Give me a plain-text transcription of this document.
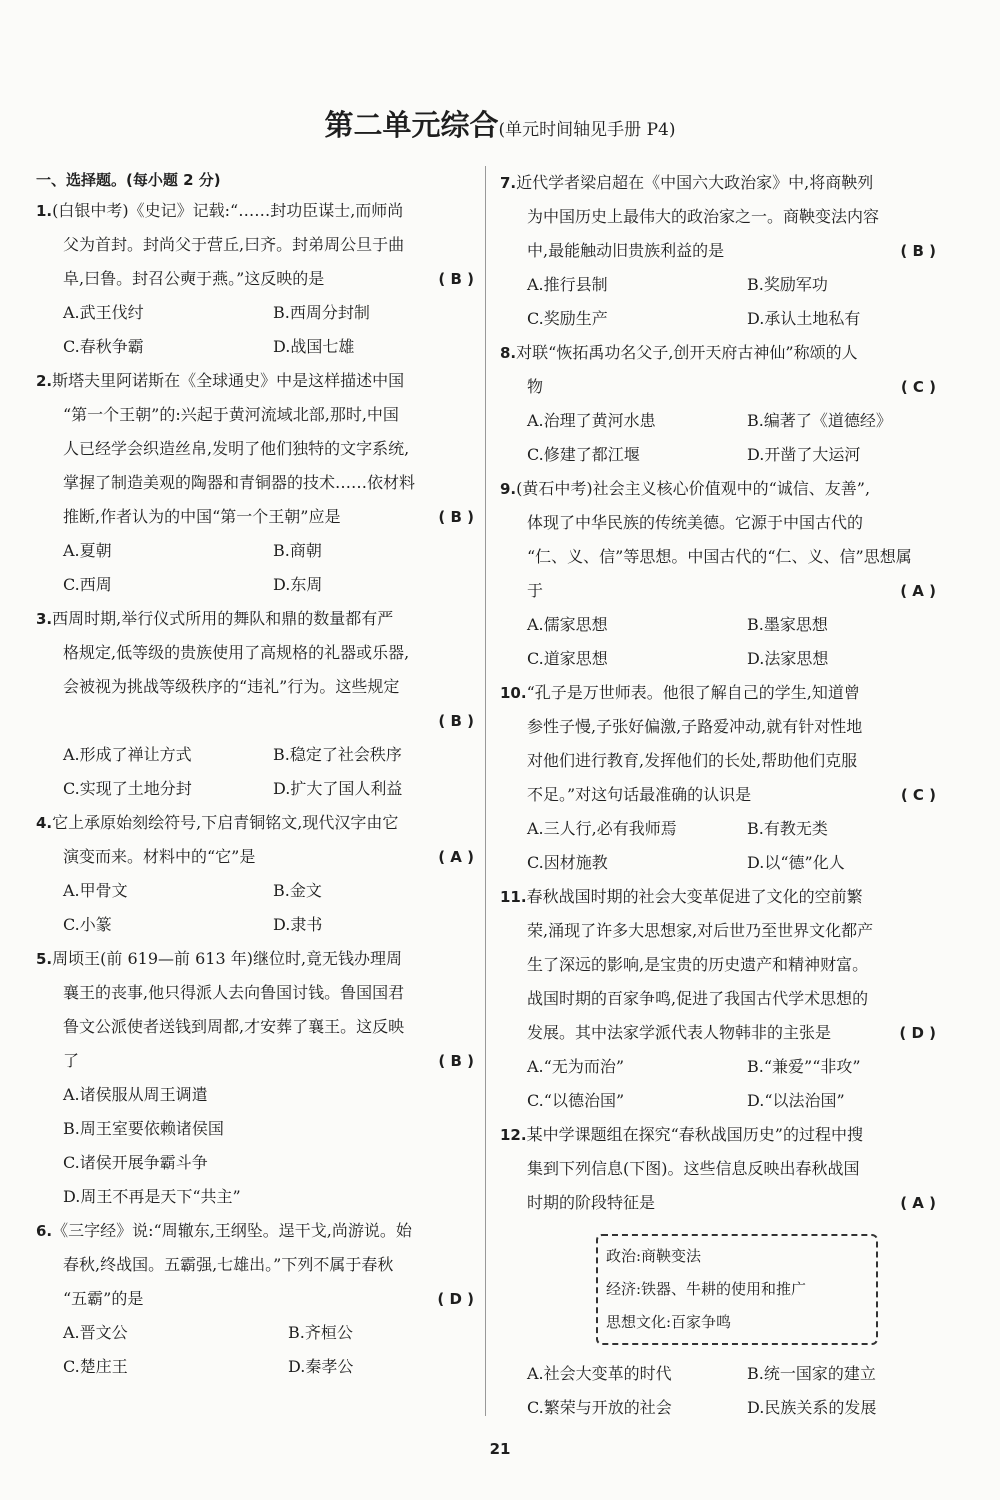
第二单元综合(单元时间轴见手册 P4)
一、选择题。(每小题 2 分)
1.(白银中考)《史记》记载:“……封功臣谋士,而师尚
父为首封。封尚父于营丘,曰齐。封弟周公旦于曲
阜,曰鲁。封召公奭于燕。”这反映的是	( B )
A.武王伐纣	B.西周分封制
C.春秋争霸	D.战国七雄
2.斯塔夫里阿诺斯在《全球通史》中是这样描述中国
“第一个王朝”的:兴起于黄河流域北部,那时,中国
人已经学会织造丝帛,发明了他们独特的文字系统,
掌握了制造美观的陶器和青铜器的技术……依材料
推断,作者认为的中国“第一个王朝”应是	( B )
A.夏朝	B.商朝
C.西周	D.东周
3.西周时期,举行仪式所用的舞队和鼎的数量都有严
格规定,低等级的贵族使用了高规格的礼器或乐器,
会被视为挑战等级秩序的“违礼”行为。这些规定
( B )
A.形成了禅让方式	B.稳定了社会秩序
C.实现了土地分封	D.扩大了国人利益
4.它上承原始刻绘符号,下启青铜铭文,现代汉字由它
演变而来。材料中的“它”是	( A )
A.甲骨文	B.金文
C.小篆	D.隶书
5.周顷王(前 619—前 613 年)继位时,竟无钱办理周
襄王的丧事,他只得派人去向鲁国讨钱。鲁国国君
鲁文公派使者送钱到周都,才安葬了襄王。这反映
了	( B )
A.诸侯服从周王调遣
B.周王室要依赖诸侯国
C.诸侯开展争霸斗争
D.周王不再是天下“共主”
6.《三字经》说:“周辙东,王纲坠。逞干戈,尚游说。始
春秋,终战国。五霸强,七雄出。”下列不属于春秋
“五霸”的是	( D )
A.晋文公	B.齐桓公
C.楚庄王	D.秦孝公
7.近代学者梁启超在《中国六大政治家》中,将商鞅列
为中国历史上最伟大的政治家之一。商鞅变法内容
中,最能触动旧贵族利益的是	( B )
A.推行县制	B.奖励军功
C.奖励生产	D.承认土地私有
8.对联“恢拓禹功名父子,创开天府古神仙”称颂的人
物	( C )
A.治理了黄河水患	B.编著了《道德经》
C.修建了都江堰	D.开凿了大运河
9.(黄石中考)社会主义核心价值观中的“诚信、友善”,
体现了中华民族的传统美德。它源于中国古代的
“仁、义、信”等思想。中国古代的“仁、义、信”思想属
于	( A )
A.儒家思想	B.墨家思想
C.道家思想	D.法家思想
10.“孔子是万世师表。他很了解自己的学生,知道曾
参性子慢,子张好偏激,子路爱冲动,就有针对性地
对他们进行教育,发挥他们的长处,帮助他们克服
不足。”对这句话最准确的认识是	( C )
A.三人行,必有我师焉	B.有教无类
C.因材施教	D.以“德”化人
11.春秋战国时期的社会大变革促进了文化的空前繁
荣,涌现了许多大思想家,对后世乃至世界文化都产
生了深远的影响,是宝贵的历史遗产和精神财富。
战国时期的百家争鸣,促进了我国古代学术思想的
发展。其中法家学派代表人物韩非的主张是	( D )
A.“无为而治”	B.“兼爱”“非攻”
C.“以德治国”	D.“以法治国”
12.某中学课题组在探究“春秋战国历史”的过程中搜
集到下列信息(下图)。这些信息反映出春秋战国
时期的阶段特征是	( A )
政治:商鞅变法
经济:铁器、牛耕的使用和推广
思想文化:百家争鸣
A.社会大变革的时代	B.统一国家的建立
C.繁荣与开放的社会	D.民族关系的发展
21
